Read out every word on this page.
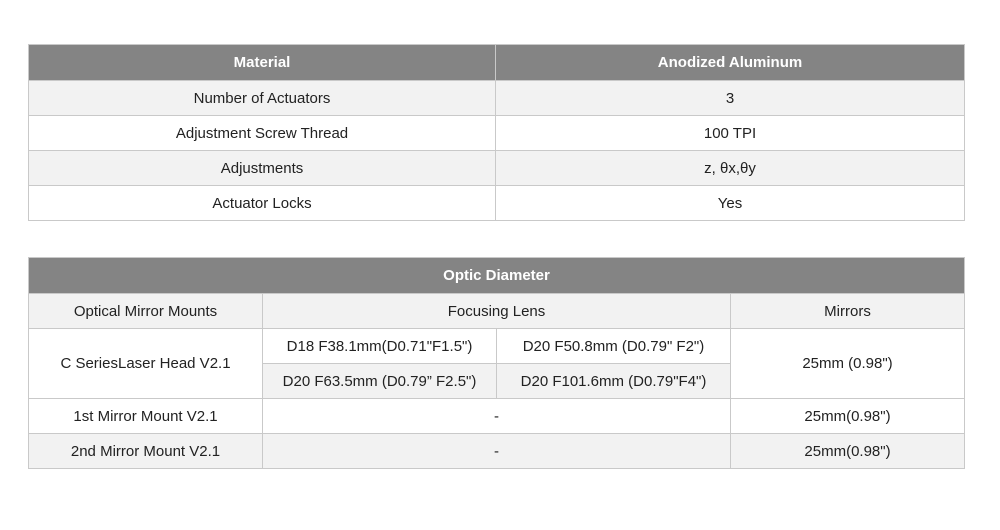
Material	Anodized Aluminum
Number of Actuators	3
Adjustment Screw Thread	100 TPI
Adjustments	z, θx,θy
Actuator Locks	Yes
Optic Diameter			
Optical Mirror Mounts	Focusing Lens		Mirrors
C SeriesLaser Head V2.1	D18 F38.1mm(D0.71"F1.5")	D20 F50.8mm (D0.79" F2")	25mm (0.98")
	D20 F63.5mm (D0.79” F2.5")	D20 F101.6mm (D0.79"F4")	
1st Mirror Mount V2.1	-		25mm(0.98")
2nd Mirror Mount V2.1	-		25mm(0.98")
